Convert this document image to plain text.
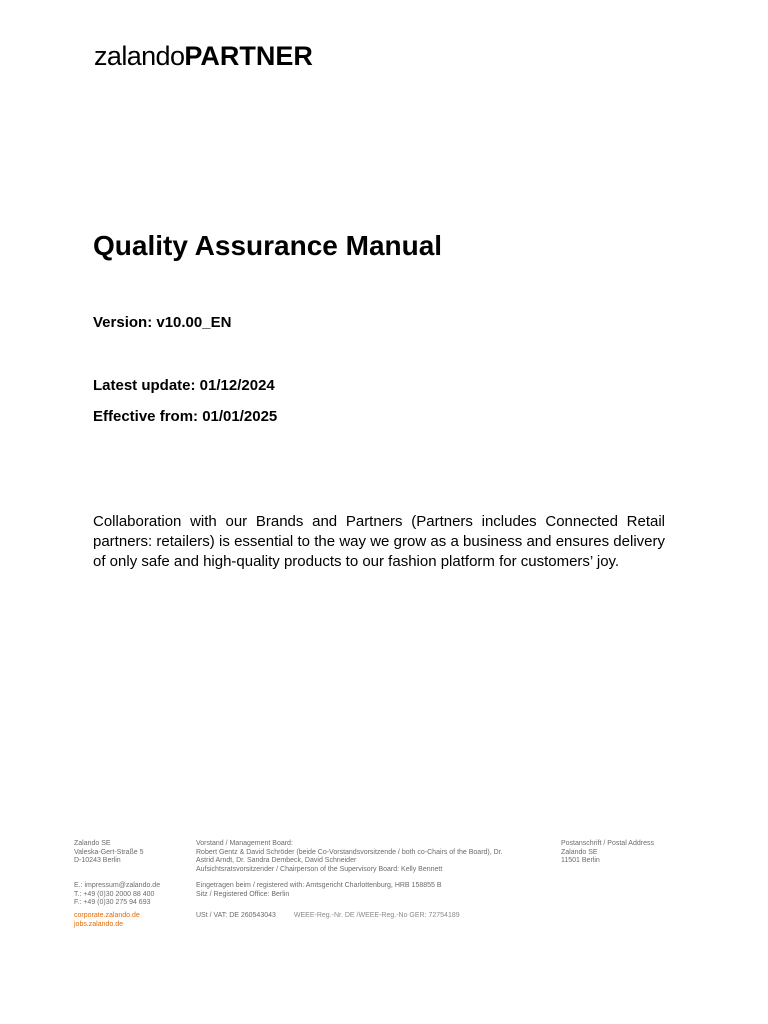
zalandoPARTNER
Quality Assurance Manual
Version: v10.00_EN
Latest update: 01/12/2024
Effective from: 01/01/2025

Collaboration with our Brands and Partners (Partners includes Connected Retail partners: retailers) is essential to the way we grow as a business and ensures delivery of only safe and high-quality products to our fashion platform for customers’ joy.

Zalando SE
Valeska-Gert-Straße 5
D-10243 Berlin
E.: impressum@zalando.de
T.: +49 (0)30 2000 88 400
F.: +49 (0)30 275 94 693
corporate.zalando.de
jobs.zalando.de
Vorstand / Management Board:
Robert Gentz & David Schröder (beide Co-Vorstandsvorsitzende / both co-Chairs of the Board), Dr.
Astrid Arndt, Dr. Sandra Dembeck, David Schneider
Aufsichtsratsvorsitzender / Chairperson of the Supervisory Board: Kelly Bennett
Eingetragen beim / registered with: Amtsgericht Charlottenburg, HRB 158855 B
Sitz / Registered Office: Berlin
USt / VAT: DE 260543043	WEEE-Reg.-Nr. DE /WEEE-Reg.-No GER: 72754189
Postanschrift / Postal Address
Zalando SE
11501 Berlin
